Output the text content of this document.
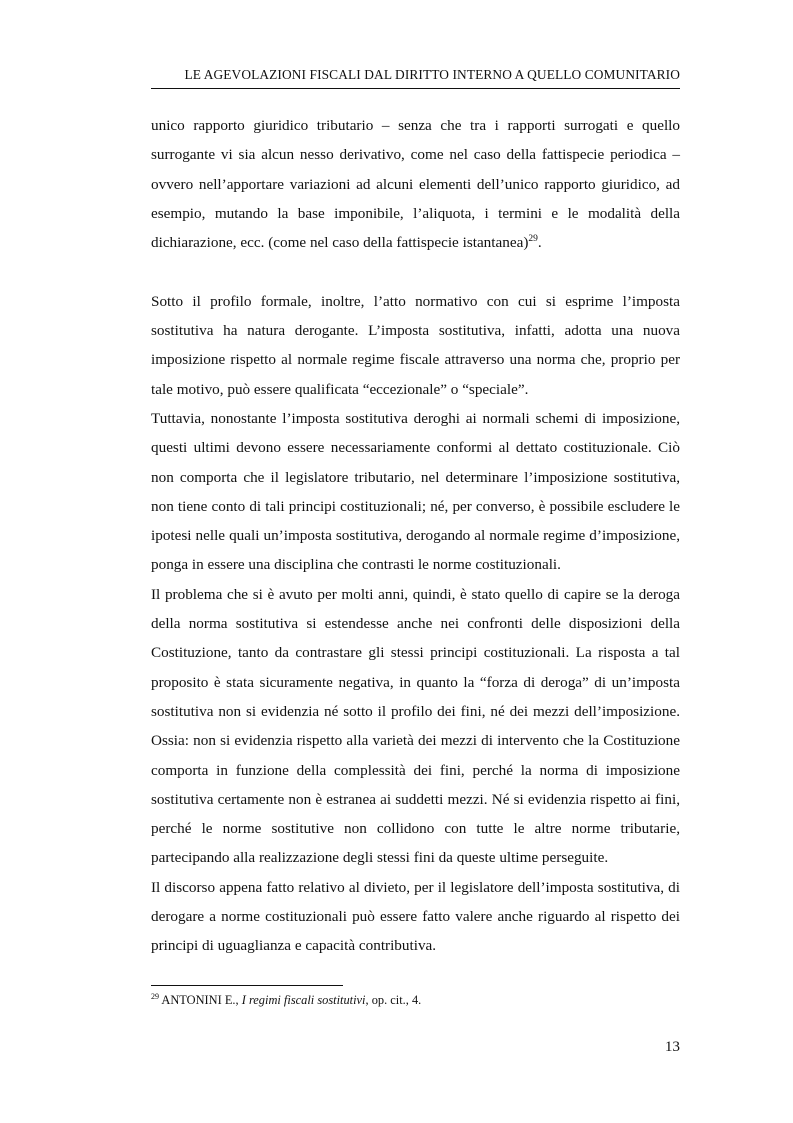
LE AGEVOLAZIONI FISCALI DAL DIRITTO INTERNO A QUELLO COMUNITARIO

unico rapporto giuridico tributario – senza che tra i rapporti surrogati e quello surrogante vi sia alcun nesso derivativo, come nel caso della fattispecie periodica – ovvero nell’apportare variazioni ad alcuni elementi dell’unico rapporto giuridico, ad esempio, mutando la base imponibile, l’aliquota, i termini e le modalità della dichiarazione, ecc. (come nel caso della fattispecie istantanea)$^{29}$.

Sotto il profilo formale, inoltre, l’atto normativo con cui si esprime l’imposta sostitutiva ha natura derogante. L’imposta sostitutiva, infatti, adotta una nuova imposizione rispetto al normale regime fiscale attraverso una norma che, proprio per tale motivo, può essere qualificata “eccezionale” o “speciale”.

Tuttavia, nonostante l’imposta sostitutiva deroghi ai normali schemi di imposizione, questi ultimi devono essere necessariamente conformi al dettato costituzionale. Ciò non comporta che il legislatore tributario, nel determinare l’imposizione sostitutiva, non tiene conto di tali principi costituzionali; né, per converso, è possibile escludere le ipotesi nelle quali un’imposta sostitutiva, derogando al normale regime d’imposizione, ponga in essere una disciplina che contrasti le norme costituzionali.

Il problema che si è avuto per molti anni, quindi, è stato quello di capire se la deroga della norma sostitutiva si estendesse anche nei confronti delle disposizioni della Costituzione, tanto da contrastare gli stessi principi costituzionali. La risposta a tal proposito è stata sicuramente negativa, in quanto la “forza di deroga” di un’imposta sostitutiva non si evidenzia né sotto il profilo dei fini, né dei mezzi dell’imposizione. Ossia: non si evidenzia rispetto alla varietà dei mezzi di intervento che la Costituzione comporta in funzione della complessità dei fini, perché la norma di imposizione sostitutiva certamente non è estranea ai suddetti mezzi. Né si evidenzia rispetto ai fini, perché le norme sostitutive non collidono con tutte le altre norme tributarie, partecipando alla realizzazione degli stessi fini da queste ultime perseguite.

Il discorso appena fatto relativo al divieto, per il legislatore dell’imposta sostitutiva, di derogare a norme costituzionali può essere fatto valere anche riguardo al rispetto dei principi di uguaglianza e capacità contributiva.

$^{29}$ ANTONINI E., I regimi fiscali sostitutivi, op. cit., 4.
13
